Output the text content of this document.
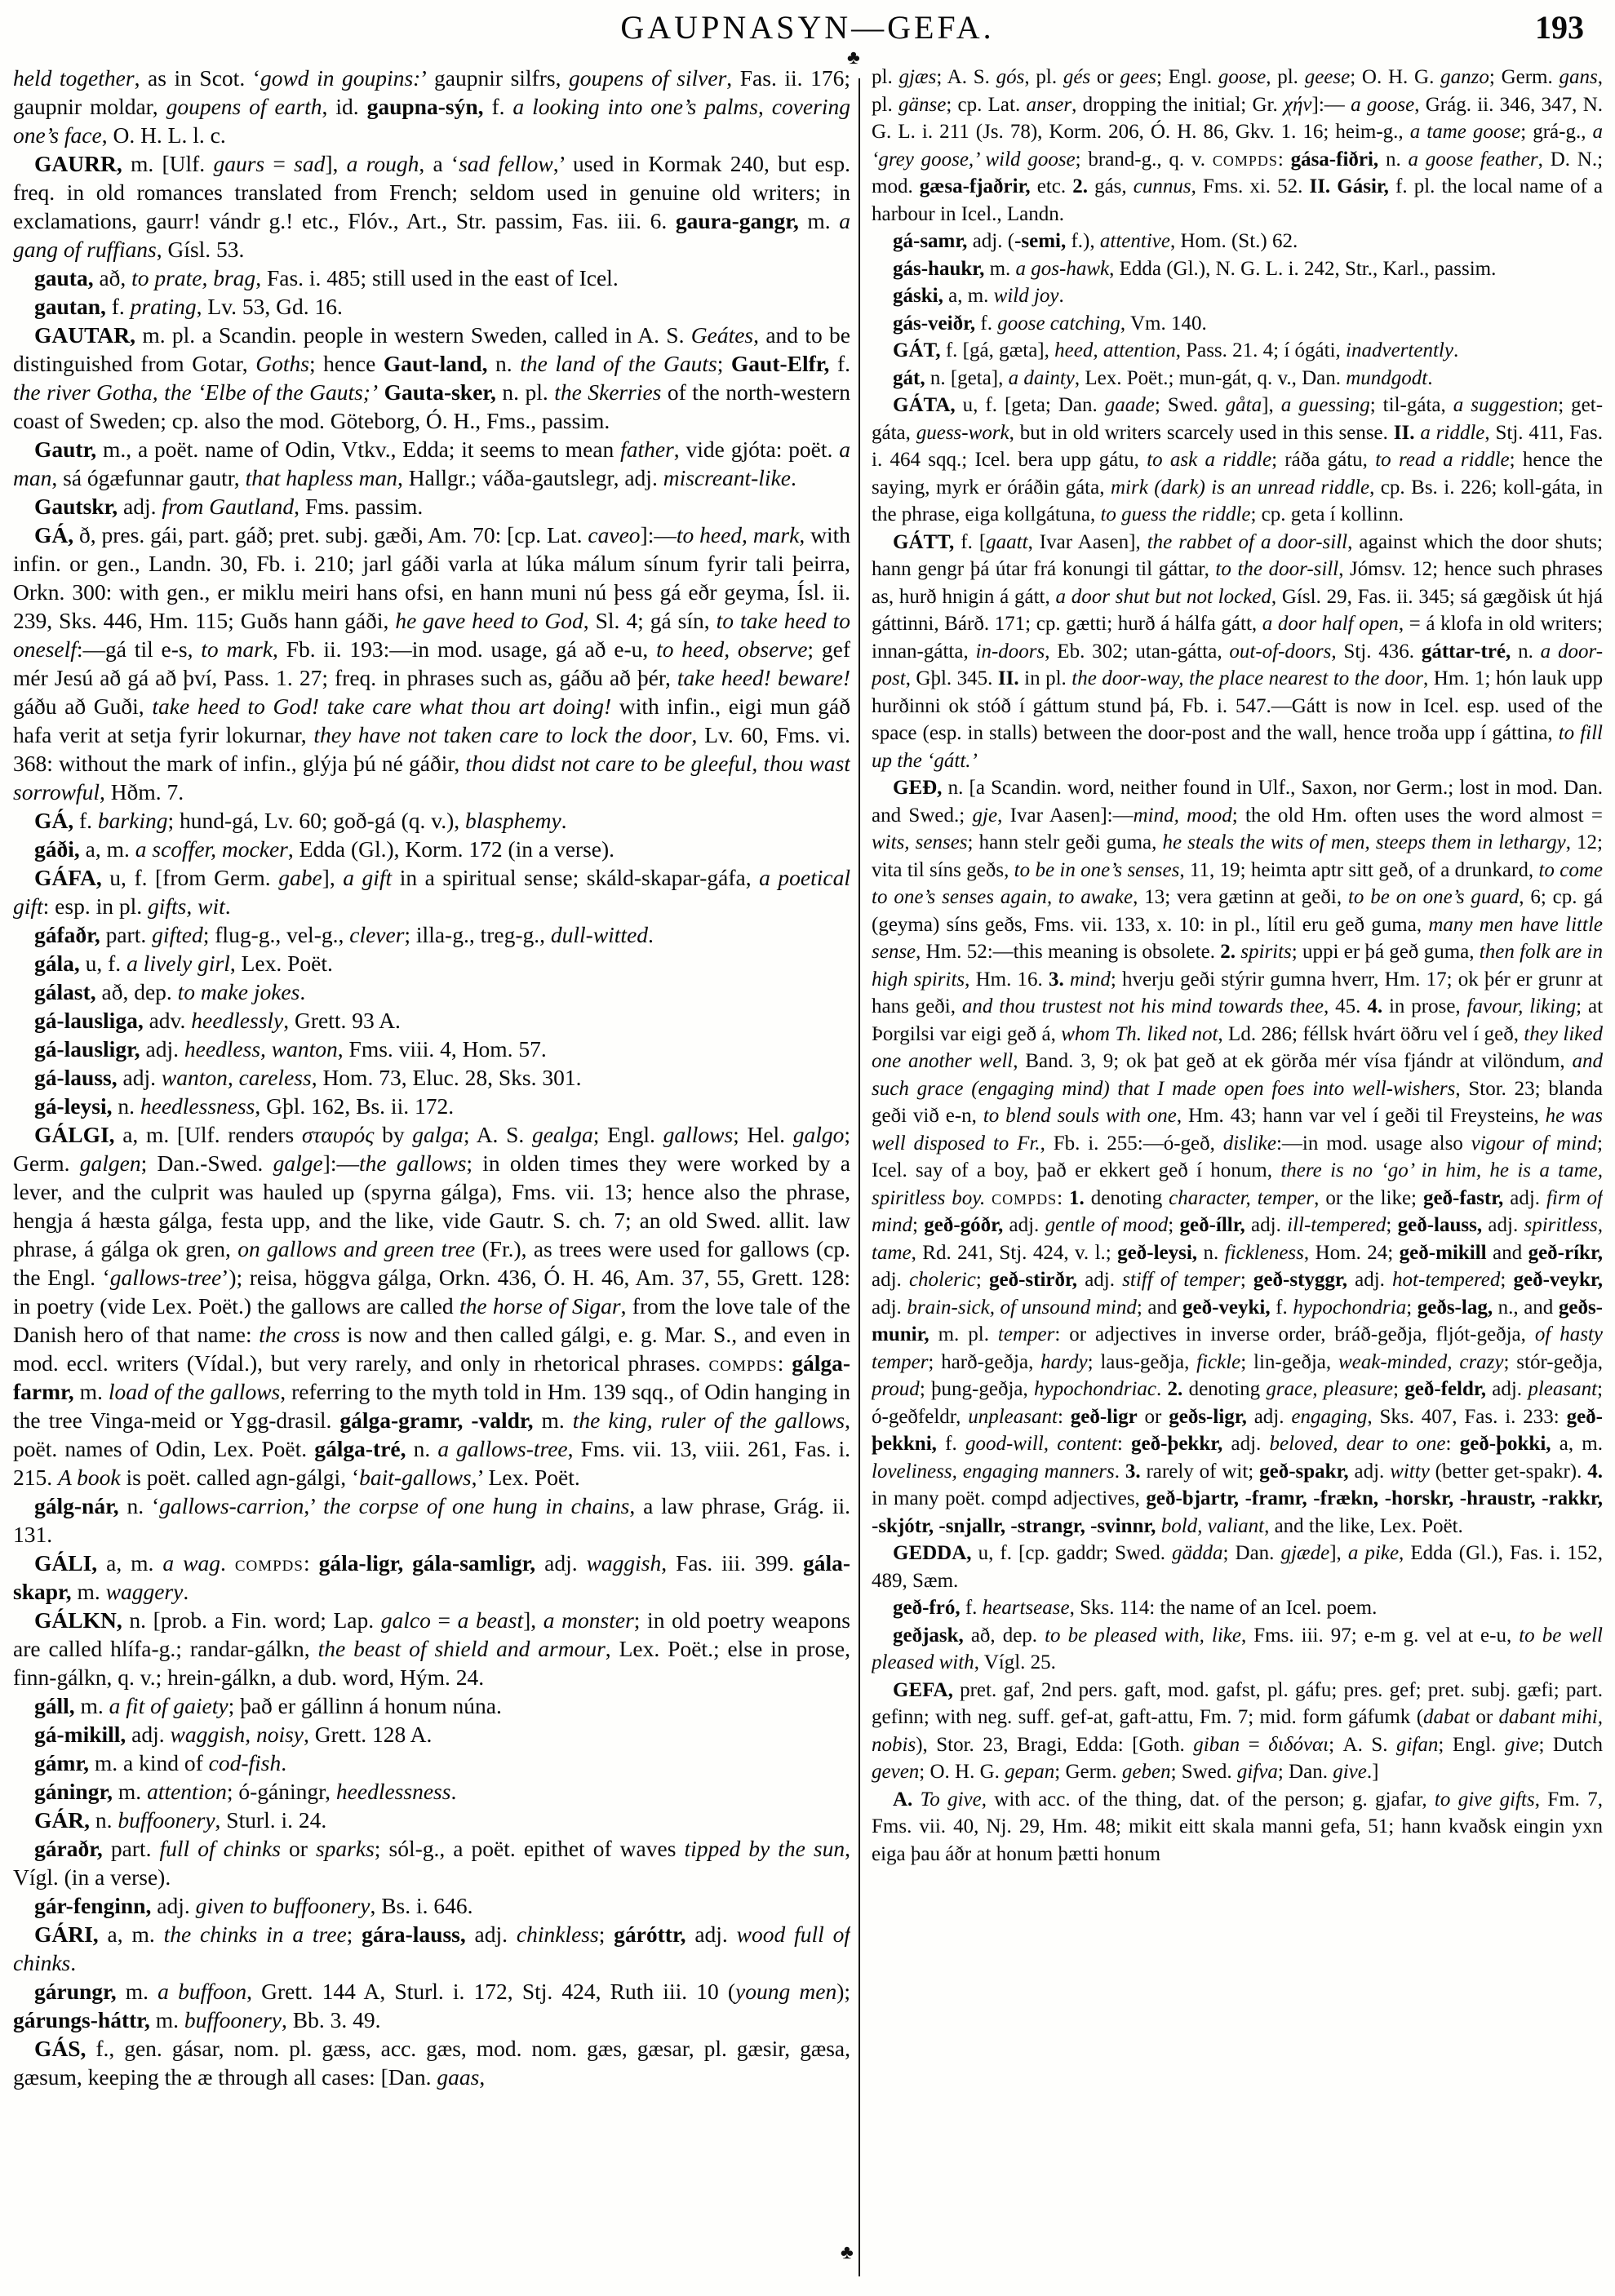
GAUPNASYN—GEFA.	193
♣
♣

held together, as in Scot. ‘gowd in goupins:’ gaupnir silfrs, goupens of silver, Fas. ii. 176; gaupnir moldar, goupens of earth, id. gaupna-sýn, f. a looking into one’s palms, covering one’s face, O. H. L. l. c.

GAURR, m. [Ulf. gaurs = sad], a rough, a ‘sad fellow,’ used in Kormak 240, but esp. freq. in old romances translated from French; seldom used in genuine old writers; in exclamations, gaurr! vándr g.! etc., Flóv., Art., Str. passim, Fas. iii. 6. gaura-gangr, m. a gang of ruffians, Gísl. 53.

gauta, að, to prate, brag, Fas. i. 485; still used in the east of Icel.

gautan, f. prating, Lv. 53, Gd. 16.

GAUTAR, m. pl. a Scandin. people in western Sweden, called in A. S. Geátes, and to be distinguished from Gotar, Goths; hence Gaut-land, n. the land of the Gauts; Gaut-Elfr, f. the river Gotha, the ‘Elbe of the Gauts;’ Gauta-sker, n. pl. the Skerries of the north-western coast of Sweden; cp. also the mod. Göteborg, Ó. H., Fms., passim.

Gautr, m., a poët. name of Odin, Vtkv., Edda; it seems to mean father, vide gjóta: poët. a man, sá ógæfunnar gautr, that hapless man, Hallgr.; váða-gautslegr, adj. miscreant-like.

Gautskr, adj. from Gautland, Fms. passim.

GÁ, ð, pres. gái, part. gáð; pret. subj. gæði, Am. 70: [cp. Lat. caveo]:—to heed, mark, with infin. or gen., Landn. 30, Fb. i. 210; jarl gáði varla at lúka málum sínum fyrir tali þeirra, Orkn. 300: with gen., er miklu meiri hans ofsi, en hann muni nú þess gá eðr geyma, Ísl. ii. 239, Sks. 446, Hm. 115; Guðs hann gáði, he gave heed to God, Sl. 4; gá sín, to take heed to oneself:—gá til e-s, to mark, Fb. ii. 193:—in mod. usage, gá að e-u, to heed, observe; gef mér Jesú að gá að því, Pass. 1. 27; freq. in phrases such as, gáðu að þér, take heed! beware! gáðu að Guði, take heed to God! take care what thou art doing! with infin., eigi mun gáð hafa verit at setja fyrir lokurnar, they have not taken care to lock the door, Lv. 60, Fms. vi. 368: without the mark of infin., glýja þú né gáðir, thou didst not care to be gleeful, thou wast sorrowful, Hðm. 7.

GÁ, f. barking; hund-gá, Lv. 60; goð-gá (q. v.), blasphemy.

gáði, a, m. a scoffer, mocker, Edda (Gl.), Korm. 172 (in a verse).

GÁFA, u, f. [from Germ. gabe], a gift in a spiritual sense; skáld-skapar-gáfa, a poetical gift: esp. in pl. gifts, wit.

gáfaðr, part. gifted; flug-g., vel-g., clever; illa-g., treg-g., dull-witted.

gála, u, f. a lively girl, Lex. Poët.

gálast, að, dep. to make jokes.

gá-lausliga, adv. heedlessly, Grett. 93 A.

gá-lausligr, adj. heedless, wanton, Fms. viii. 4, Hom. 57.

gá-lauss, adj. wanton, careless, Hom. 73, Eluc. 28, Sks. 301.

gá-leysi, n. heedlessness, Gþl. 162, Bs. ii. 172.

GÁLGI, a, m. [Ulf. renders σταυρός by galga; A. S. gealga; Engl. gallows; Hel. galgo; Germ. galgen; Dan.-Swed. galge]:—the gallows; in olden times they were worked by a lever, and the culprit was hauled up (spyrna gálga), Fms. vii. 13; hence also the phrase, hengja á hæsta gálga, festa upp, and the like, vide Gautr. S. ch. 7; an old Swed. allit. law phrase, á gálga ok gren, on gallows and green tree (Fr.), as trees were used for gallows (cp. the Engl. ‘gallows-tree’); reisa, höggva gálga, Orkn. 436, Ó. H. 46, Am. 37, 55, Grett. 128: in poetry (vide Lex. Poët.) the gallows are called the horse of Sigar, from the love tale of the Danish hero of that name: the cross is now and then called gálgi, e. g. Mar. S., and even in mod. eccl. writers (Vídal.), but very rarely, and only in rhetorical phrases. compds: gálga-farmr, m. load of the gallows, referring to the myth told in Hm. 139 sqq., of Odin hanging in the tree Vinga-meid or Ygg-drasil. gálga-gramr, -valdr, m. the king, ruler of the gallows, poët. names of Odin, Lex. Poët. gálga-tré, n. a gallows-tree, Fms. vii. 13, viii. 261, Fas. i. 215. A book is poët. called agn-gálgi, ‘bait-gallows,’ Lex. Poët.

gálg-nár, n. ‘gallows-carrion,’ the corpse of one hung in chains, a law phrase, Grág. ii. 131.

GÁLI, a, m. a wag. compds: gála-ligr, gála-samligr, adj. waggish, Fas. iii. 399. gála-skapr, m. waggery.

GÁLKN, n. [prob. a Fin. word; Lap. galco = a beast], a monster; in old poetry weapons are called hlífa-g.; randar-gálkn, the beast of shield and armour, Lex. Poët.; else in prose, finn-gálkn, q. v.; hrein-gálkn, a dub. word, Hým. 24.

gáll, m. a fit of gaiety; það er gállinn á honum núna.

gá-mikill, adj. waggish, noisy, Grett. 128 A.

gámr, m. a kind of cod-fish.

gáningr, m. attention; ó-gáningr, heedlessness.

GÁR, n. buffoonery, Sturl. i. 24.

gáraðr, part. full of chinks or sparks; sól-g., a poët. epithet of waves tipped by the sun, Vígl. (in a verse).

gár-fenginn, adj. given to buffoonery, Bs. i. 646.

GÁRI, a, m. the chinks in a tree; gára-lauss, adj. chinkless; gáróttr, adj. wood full of chinks.

gárungr, m. a buffoon, Grett. 144 A, Sturl. i. 172, Stj. 424, Ruth iii. 10 (young men); gárungs-háttr, m. buffoonery, Bb. 3. 49.

GÁS, f., gen. gásar, nom. pl. gæss, acc. gæs, mod. nom. gæs, gæsar, pl. gæsir, gæsa, gæsum, keeping the æ through all cases: [Dan. gaas,

pl. gjæs; A. S. gós, pl. gés or gees; Engl. goose, pl. geese; O. H. G. ganzo; Germ. gans, pl. gänse; cp. Lat. anser, dropping the initial; Gr. χήν]:— a goose, Grág. ii. 346, 347, N. G. L. i. 211 (Js. 78), Korm. 206, Ó. H. 86, Gkv. 1. 16; heim-g., a tame goose; grá-g., a ‘grey goose,’ wild goose; brand-g., q. v. compds: gása-fiðri, n. a goose feather, D. N.; mod. gæsa-fjaðrir, etc. 2. gás, cunnus, Fms. xi. 52. II. Gásir, f. pl. the local name of a harbour in Icel., Landn.

gá-samr, adj. (-semi, f.), attentive, Hom. (St.) 62.

gás-haukr, m. a gos-hawk, Edda (Gl.), N. G. L. i. 242, Str., Karl., passim.

gáski, a, m. wild joy.

gás-veiðr, f. goose catching, Vm. 140.

GÁT, f. [gá, gæta], heed, attention, Pass. 21. 4; í ógáti, inadvertently.

gát, n. [geta], a dainty, Lex. Poët.; mun-gát, q. v., Dan. mundgodt.

GÁTA, u, f. [geta; Dan. gaade; Swed. gåta], a guessing; til-gáta, a suggestion; get-gáta, guess-work, but in old writers scarcely used in this sense. II. a riddle, Stj. 411, Fas. i. 464 sqq.; Icel. bera upp gátu, to ask a riddle; ráða gátu, to read a riddle; hence the saying, myrk er óráðin gáta, mirk (dark) is an unread riddle, cp. Bs. i. 226; koll-gáta, in the phrase, eiga kollgátuna, to guess the riddle; cp. geta í kollinn.

GÁTT, f. [gaatt, Ivar Aasen], the rabbet of a door-sill, against which the door shuts; hann gengr þá útar frá konungi til gáttar, to the door-sill, Jómsv. 12; hence such phrases as, hurð hnigin á gátt, a door shut but not locked, Gísl. 29, Fas. ii. 345; sá gægðisk út hjá gáttinni, Bárð. 171; cp. gætti; hurð á hálfa gátt, a door half open, = á klofa in old writers; innan-gátta, in-doors, Eb. 302; utan-gátta, out-of-doors, Stj. 436. gáttar-tré, n. a door-post, Gþl. 345. II. in pl. the door-way, the place nearest to the door, Hm. 1; hón lauk upp hurðinni ok stóð í gáttum stund þá, Fb. i. 547.—Gátt is now in Icel. esp. used of the space (esp. in stalls) between the door-post and the wall, hence troða upp í gáttina, to fill up the ‘gátt.’

GEÐ, n. [a Scandin. word, neither found in Ulf., Saxon, nor Germ.; lost in mod. Dan. and Swed.; gje, Ivar Aasen]:—mind, mood; the old Hm. often uses the word almost = wits, senses; hann stelr geði guma, he steals the wits of men, steeps them in lethargy, 12; vita til síns geðs, to be in one’s senses, 11, 19; heimta aptr sitt geð, of a drunkard, to come to one’s senses again, to awake, 13; vera gætinn at geði, to be on one’s guard, 6; cp. gá (geyma) síns geðs, Fms. vii. 133, x. 10: in pl., lítil eru geð guma, many men have little sense, Hm. 52:—this meaning is obsolete. 2. spirits; uppi er þá geð guma, then folk are in high spirits, Hm. 16. 3. mind; hverju geði stýrir gumna hverr, Hm. 17; ok þér er grunr at hans geði, and thou trustest not his mind towards thee, 45. 4. in prose, favour, liking; at Þorgilsi var eigi geð á, whom Th. liked not, Ld. 286; féllsk hvárt öðru vel í geð, they liked one another well, Band. 3, 9; ok þat geð at ek görða mér vísa fjándr at vilöndum, and such grace (engaging mind) that I made open foes into well-wishers, Stor. 23; blanda geði við e-n, to blend souls with one, Hm. 43; hann var vel í geði til Freysteins, he was well disposed to Fr., Fb. i. 255:—ó-geð, dislike:—in mod. usage also vigour of mind; Icel. say of a boy, það er ekkert geð í honum, there is no ‘go’ in him, he is a tame, spiritless boy. compds: 1. denoting character, temper, or the like; geð-fastr, adj. firm of mind; geð-góðr, adj. gentle of mood; geð-íllr, adj. ill-tempered; geð-lauss, adj. spiritless, tame, Rd. 241, Stj. 424, v. l.; geð-leysi, n. fickleness, Hom. 24; geð-mikill and geð-ríkr, adj. choleric; geð-stirðr, adj. stiff of temper; geð-styggr, adj. hot-tempered; geð-veykr, adj. brain-sick, of unsound mind; and geð-veyki, f. hypochondria; geðs-lag, n., and geðs-munir, m. pl. temper: or adjectives in inverse order, bráð-geðja, fljót-geðja, of hasty temper; harð-geðja, hardy; laus-geðja, fickle; lin-geðja, weak-minded, crazy; stór-geðja, proud; þung-geðja, hypochondriac. 2. denoting grace, pleasure; geð-feldr, adj. pleasant; ó-geðfeldr, unpleasant: geð-ligr or geðs-ligr, adj. engaging, Sks. 407, Fas. i. 233: geð-þekkni, f. good-will, content: geð-þekkr, adj. beloved, dear to one: geð-þokki, a, m. loveliness, engaging manners. 3. rarely of wit; geð-spakr, adj. witty (better get-spakr). 4. in many poët. compd adjectives, geð-bjartr, -framr, -frækn, -horskr, -hraustr, -rakkr, -skjótr, -snjallr, -strangr, -svinnr, bold, valiant, and the like, Lex. Poët.

GEDDA, u, f. [cp. gaddr; Swed. gädda; Dan. gjæde], a pike, Edda (Gl.), Fas. i. 152, 489, Sæm.

geð-fró, f. heartsease, Sks. 114: the name of an Icel. poem.

geðjask, að, dep. to be pleased with, like, Fms. iii. 97; e-m g. vel at e-u, to be well pleased with, Vígl. 25.

GEFA, pret. gaf, 2nd pers. gaft, mod. gafst, pl. gáfu; pres. gef; pret. subj. gæfi; part. gefinn; with neg. suff. gef-at, gaft-attu, Fm. 7; mid. form gáfumk (dabat or dabant mihi, nobis), Stor. 23, Bragi, Edda: [Goth. giban = διδόναι; A. S. gifan; Engl. give; Dutch geven; O. H. G. gepan; Germ. geben; Swed. gifva; Dan. give.]

A. To give, with acc. of the thing, dat. of the person; g. gjafar, to give gifts, Fm. 7, Fms. vii. 40, Nj. 29, Hm. 48; mikit eitt skala manni gefa, 51; hann kvaðsk eingin yxn eiga þau áðr at honum þætti honum
